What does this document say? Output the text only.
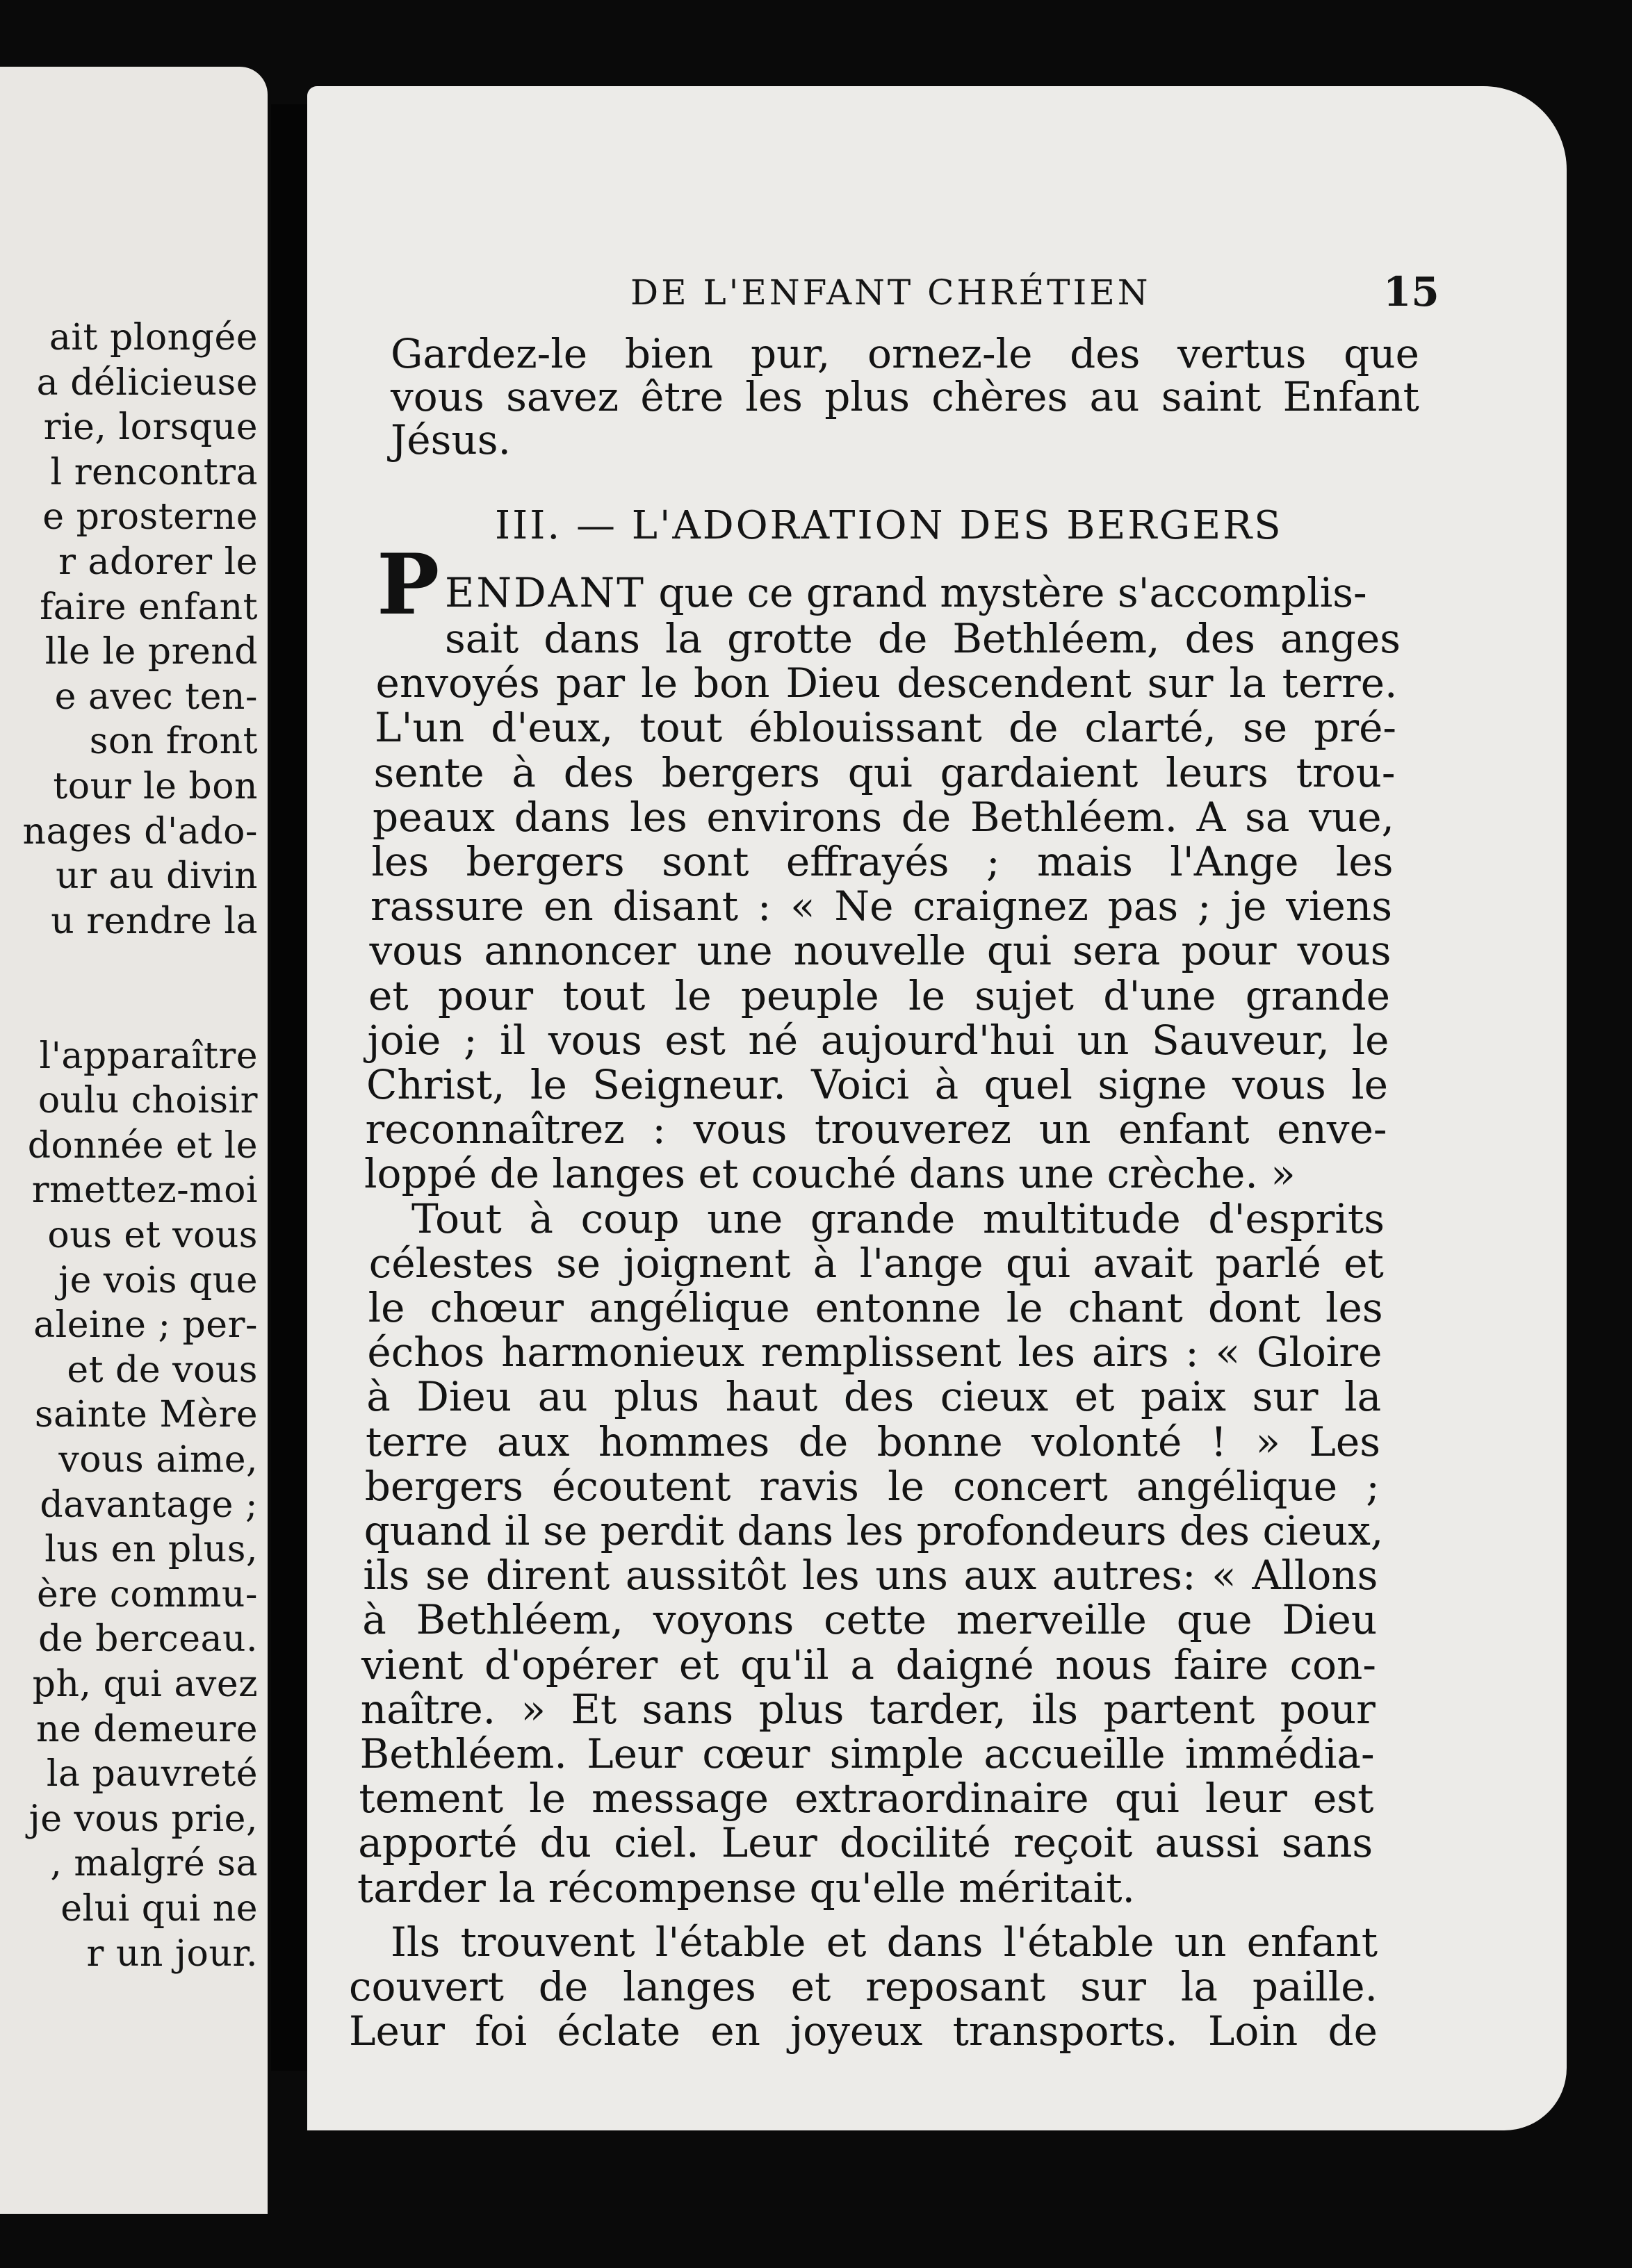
ait plongée
a délicieuse
rie, lorsque
l rencontra
e prosterne
r adorer le
faire enfant
lle le prend
e avec ten-
son front
tour le bon
nages d'ado-
ur au divin
u rendre la
l'apparaître
oulu choisir
donnée et le
rmettez-moi
ous et vous
je vois que
aleine ; per-
et de vous
sainte Mère
vous aime,
davantage ;
lus en plus,
ère commu-
de berceau.
ph, qui avez
ne demeure
la pauvreté
je vous prie,
, malgré sa
elui qui ne
r un jour.
DE L'ENFANT CHRÉTIEN	15
III. — L'ADORATION DES BERGERS
P ENDANT que ce grand mystère s'accomplis-
Gardez-le bien pur, ornez-le des vertus que
vous savez être les plus chères au saint Enfant
Jésus.
sait dans la grotte de Bethléem, des anges
envoyés par le bon Dieu descendent sur la terre.
L'un d'eux, tout éblouissant de clarté, se pré-
sente à des bergers qui gardaient leurs trou-
peaux dans les environs de Bethléem. A sa vue,
les bergers sont effrayés ; mais l'Ange les
rassure en disant : « Ne craignez pas ; je viens
vous annoncer une nouvelle qui sera pour vous
et pour tout le peuple le sujet d'une grande
joie ; il vous est né aujourd'hui un Sauveur, le
Christ, le Seigneur. Voici à quel signe vous le
reconnaîtrez : vous trouverez un enfant enve-
loppé de langes et couché dans une crèche. »
Tout à coup une grande multitude d'esprits
célestes se joignent à l'ange qui avait parlé et
le chœur angélique entonne le chant dont les
échos harmonieux remplissent les airs : « Gloire
à Dieu au plus haut des cieux et paix sur la
terre aux hommes de bonne volonté ! » Les
bergers écoutent ravis le concert angélique ;
quand il se perdit dans les profondeurs des cieux,
ils se dirent aussitôt les uns aux autres: « Allons
à Bethléem, voyons cette merveille que Dieu
vient d'opérer et qu'il a daigné nous faire con-
naître. » Et sans plus tarder, ils partent pour
Bethléem. Leur cœur simple accueille immédia-
tement le message extraordinaire qui leur est
apporté du ciel. Leur docilité reçoit aussi sans
tarder la récompense qu'elle méritait.
Ils trouvent l'étable et dans l'étable un enfant
couvert de langes et reposant sur la paille.
Leur foi éclate en joyeux transports. Loin de
